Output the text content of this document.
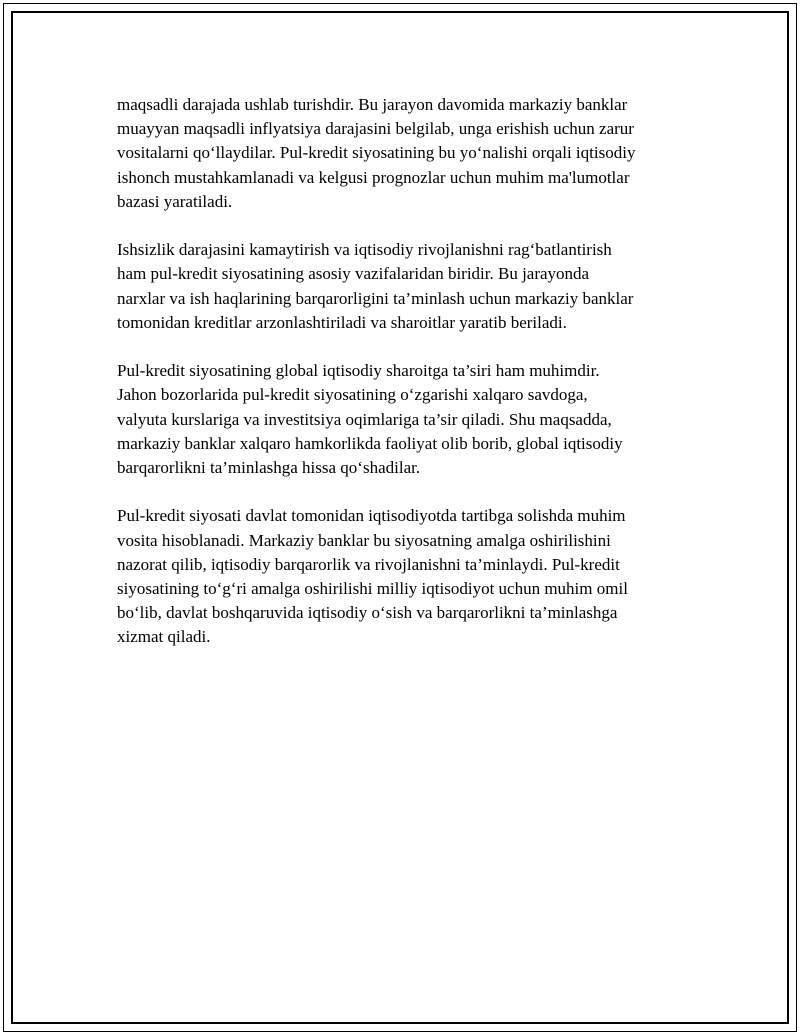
maqsadli darajada ushlab turishdir. Bu jarayon davomida markaziy banklar
muayyan maqsadli inflyatsiya darajasini belgilab, unga erishish uchun zarur
vositalarni qo‘llaydilar. Pul-kredit siyosatining bu yo‘nalishi orqali iqtisodiy
ishonch mustahkamlanadi va kelgusi prognozlar uchun muhim ma'lumotlar
bazasi yaratiladi.

Ishsizlik darajasini kamaytirish va iqtisodiy rivojlanishni rag‘batlantirish
ham pul-kredit siyosatining asosiy vazifalaridan biridir. Bu jarayonda
narxlar va ish haqlarining barqarorligini ta’minlash uchun markaziy banklar
tomonidan kreditlar arzonlashtiriladi va sharoitlar yaratib beriladi.

Pul-kredit siyosatining global iqtisodiy sharoitga ta’siri ham muhimdir.
Jahon bozorlarida pul-kredit siyosatining o‘zgarishi xalqaro savdoga,
valyuta kurslariga va investitsiya oqimlariga ta’sir qiladi. Shu maqsadda,
markaziy banklar xalqaro hamkorlikda faoliyat olib borib, global iqtisodiy
barqarorlikni ta’minlashga hissa qo‘shadilar.

Pul-kredit siyosati davlat tomonidan iqtisodiyotda tartibga solishda muhim
vosita hisoblanadi. Markaziy banklar bu siyosatning amalga oshirilishini
nazorat qilib, iqtisodiy barqarorlik va rivojlanishni ta’minlaydi. Pul-kredit
siyosatining to‘g‘ri amalga oshirilishi milliy iqtisodiyot uchun muhim omil
bo‘lib, davlat boshqaruvida iqtisodiy o‘sish va barqarorlikni ta’minlashga
xizmat qiladi.
